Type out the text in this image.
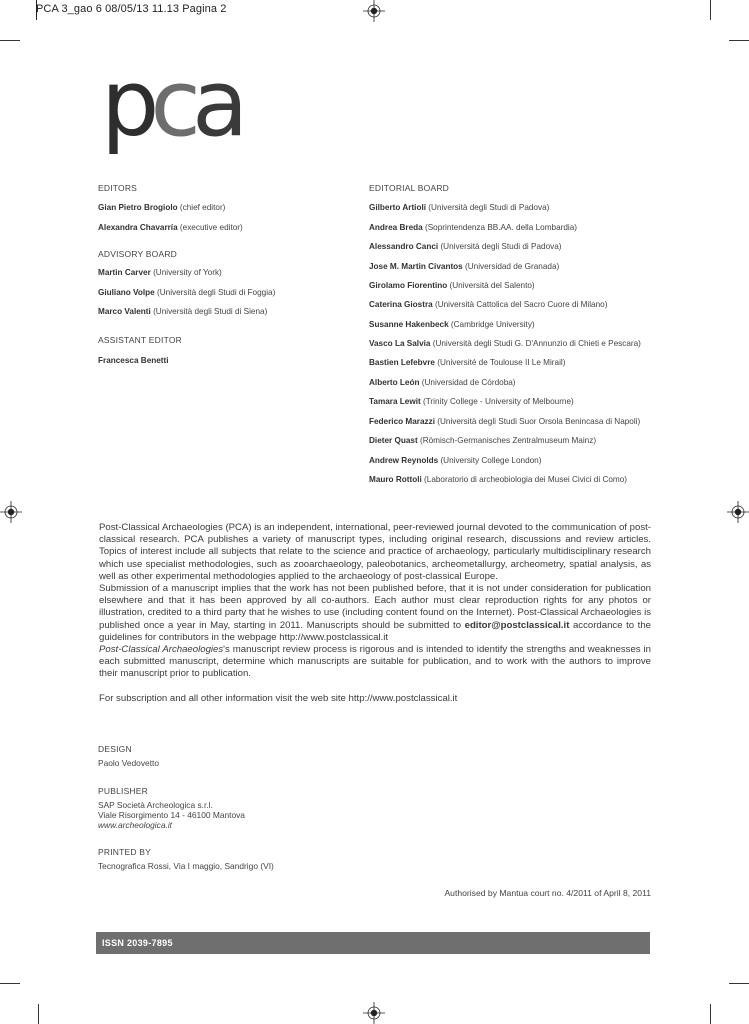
PCA 3_gao 6 08/05/13 11.13 Pagina 2
pca
EDITORS
Gian Pietro Brogiolo (chief editor)
Alexandra Chavarría (executive editor)
ADVISORY BOARD
Martin Carver (University of York)
Giuliano Volpe (Università degli Studi di Foggia)
Marco Valenti (Università degli Studi di Siena)
ASSISTANT EDITOR
Francesca Benetti
EDITORIAL BOARD
Gilberto Artioli (Università degli Studi di Padova)
Andrea Breda (Soprintendenza BB.AA. della Lombardia)
Alessandro Canci (Università degli Studi di Padova)
Jose M. Martin Civantos (Universidad de Granada)
Girolamo Fiorentino (Università del Salento)
Caterina Giostra (Università Cattolica del Sacro Cuore di Milano)
Susanne Hakenbeck (Cambridge University)
Vasco La Salvia (Università degli Studi G. D'Annunzio di Chieti e Pescara)
Bastien Lefebvre (Université de Toulouse II Le Mirail)
Alberto León (Universidad de Córdoba)
Tamara Lewit (Trinity College - University of Melbourne)
Federico Marazzi (Università degli Studi Suor Orsola Benincasa di Napoli)
Dieter Quast (Römisch-Germanisches Zentralmuseum Mainz)
Andrew Reynolds (University College London)
Mauro Rottoli (Laboratorio di archeobiologia dei Musei Civici di Como)

Post-Classical Archaeologies (PCA) is an independent, international, peer-reviewed journal devoted to the communication of post-classical research. PCA publishes a variety of manuscript types, including original research, discussions and review articles. Topics of interest include all subjects that relate to the science and practice of archaeology, particularly multidisciplinary research which use specialist methodologies, such as zooarchaeology, paleobotanics, archeometallurgy, archeometry, spatial analysis, as well as other experimental methodologies applied to the archaeology of post-classical Europe.

Submission of a manuscript implies that the work has not been published before, that it is not under consideration for publication elsewhere and that it has been approved by all co-authors. Each author must clear reproduction rights for any photos or illustration, credited to a third party that he wishes to use (including content found on the Internet). Post-Classical Archaeologies is published once a year in May, starting in 2011. Manuscripts should be submitted to editor@postclassical.it accordance to the guidelines for contributors in the webpage http://www.postclassical.it

Post-Classical Archaeologies's manuscript review process is rigorous and is intended to identify the strengths and weaknesses in each submitted manuscript, determine which manuscripts are suitable for publication, and to work with the authors to improve their manuscript prior to publication.

For subscription and all other information visit the web site http://www.postclassical.it

DESIGN
Paolo Vedovetto
PUBLISHER
SAP Società Archeologica s.r.l.
Viale Risorgimento 14 - 46100 Mantova
www.archeologica.it
PRINTED BY
Tecnografica Rossi, Via I maggio, Sandrigo (VI)
Authorised by Mantua court no. 4/2011 of April 8, 2011
ISSN 2039-7895
